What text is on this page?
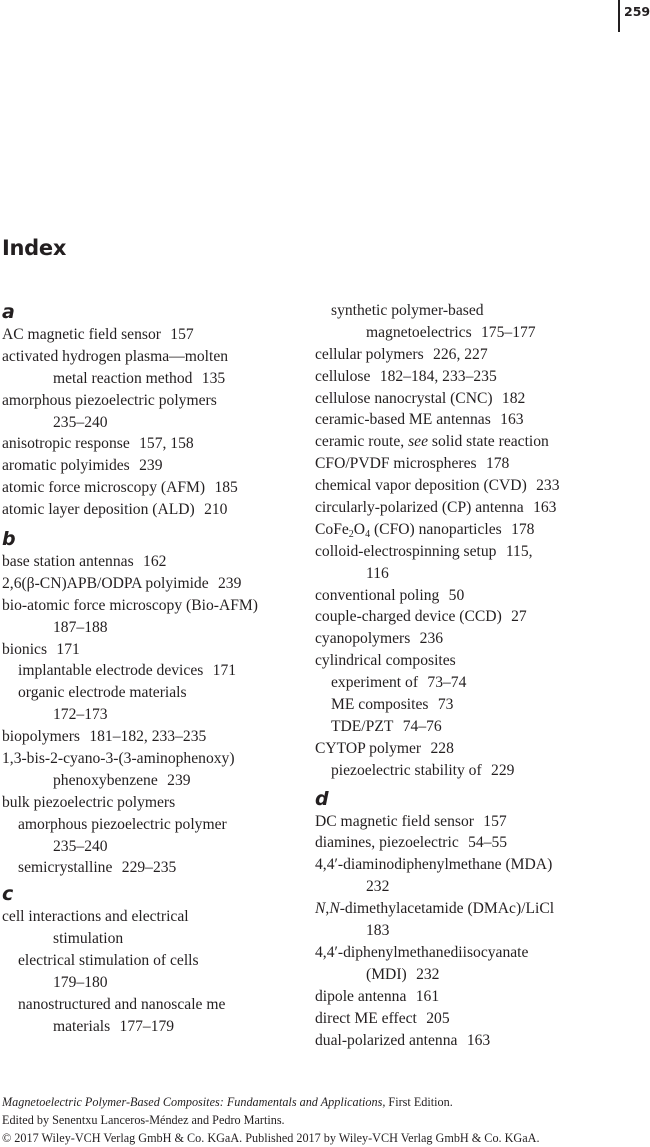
259
Index
a
AC magnetic field sensor 157
activated hydrogen plasma—molten
metal reaction method 135
amorphous piezoelectric polymers
235–240
anisotropic response 157, 158
aromatic polyimides 239
atomic force microscopy (AFM) 185
atomic layer deposition (ALD) 210
b
base station antennas 162
2,6(β-CN)APB/ODPA polyimide 239
bio-atomic force microscopy (Bio-AFM)
187–188
bionics 171
implantable electrode devices 171
organic electrode materials
172–173
biopolymers 181–182, 233–235
1,3-bis-2-cyano-3-(3-aminophenoxy)
phenoxybenzene 239
bulk piezoelectric polymers
amorphous piezoelectric polymer
235–240
semicrystalline 229–235
c
cell interactions and electrical
stimulation
electrical stimulation of cells
179–180
nanostructured and nanoscale me
materials 177–179
synthetic polymer-based
magnetoelectrics 175–177
cellular polymers 226, 227
cellulose 182–184, 233–235
cellulose nanocrystal (CNC) 182
ceramic-based ME antennas 163
ceramic route, see solid state reaction
CFO/PVDF microspheres 178
chemical vapor deposition (CVD) 233
circularly-polarized (CP) antenna 163
$CoFe_2O_4$ (CFO) nanoparticles 178
colloid-electrospinning setup 115,
116
conventional poling 50
couple-charged device (CCD) 27
cyanopolymers 236
cylindrical composites
experiment of 73–74
ME composites 73
TDE/PZT 74–76
CYTOP polymer 228
piezoelectric stability of 229
d
DC magnetic field sensor 157
diamines, piezoelectric 54–55
4,4′-diaminodiphenylmethane (MDA)
232
N,N-dimethylacetamide (DMAc)/LiCl
183
4,4′-diphenylmethanediisocyanate
(MDI) 232
dipole antenna 161
direct ME effect 205
dual-polarized antenna 163
Magnetoelectric Polymer-Based Composites: Fundamentals and Applications, First Edition.
Edited by Senentxu Lanceros-Méndez and Pedro Martins.
© 2017 Wiley-VCH Verlag GmbH & Co. KGaA. Published 2017 by Wiley-VCH Verlag GmbH & Co. KGaA.
